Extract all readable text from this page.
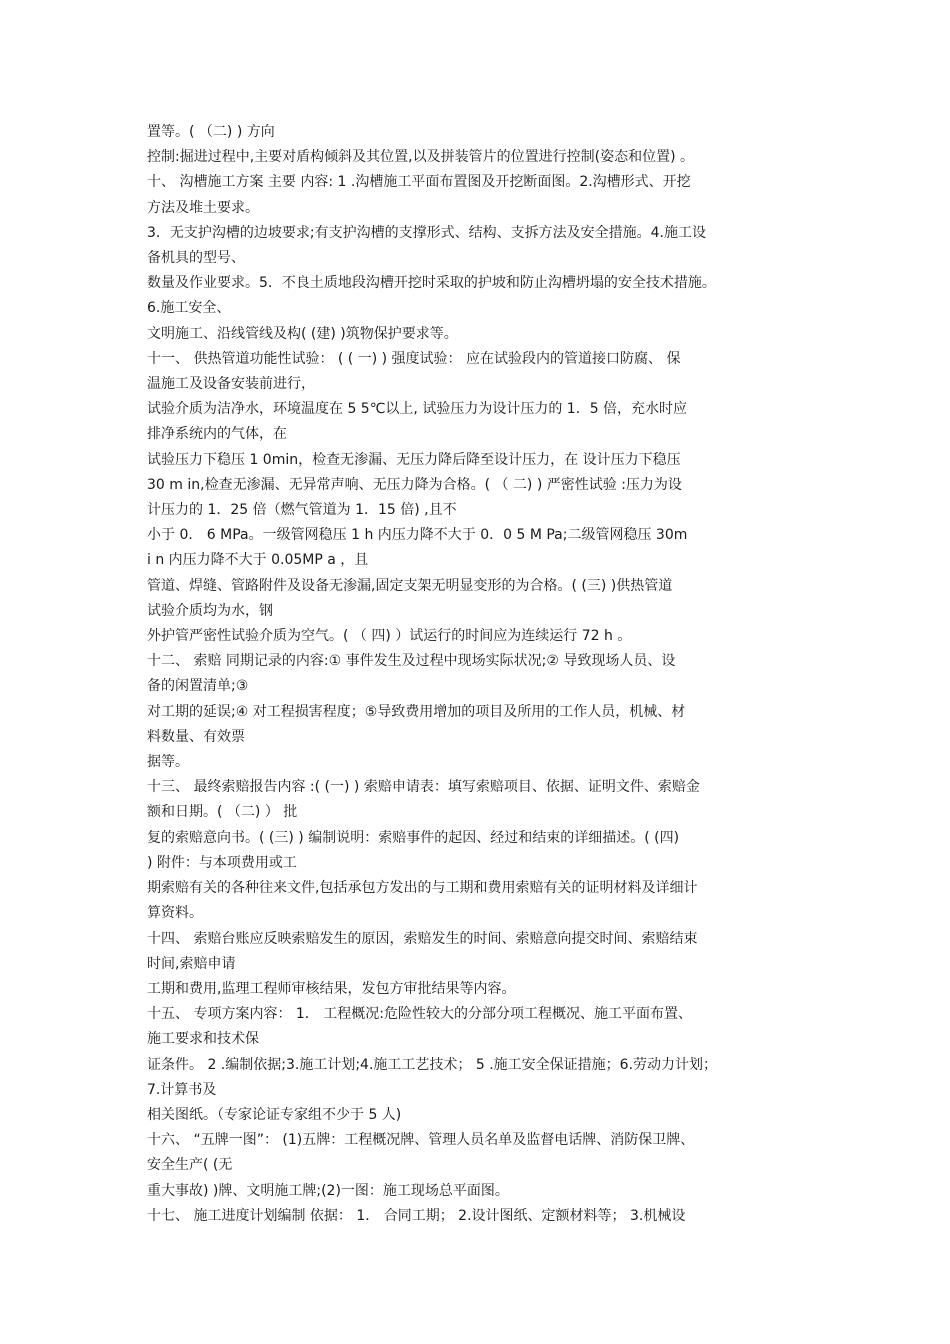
置等。( （二) ) 方向
控制:掘进过程中,主要对盾构倾斜及其位置,以及拼装管片的位置进行控制(姿态和位置) 。
十、 沟槽施工方案 主要 内容: 1 .沟槽施工平面布置图及开挖断面图。2.沟槽形式、开挖
方法及堆土要求。
3．无支护沟槽的边坡要求;有支护沟槽的支撑形式、结构、支拆方法及安全措施。4.施工设
备机具的型号、
数量及作业要求。5．不良土质地段沟槽开挖时采取的护坡和防止沟槽坍塌的安全技术措施。
6.施工安全、
文明施工、沿线管线及构( (建) )筑物保护要求等。
十一、 供热管道功能性试验： ( ( 一) ) 强度试验： 应在试验段内的管道接口防腐、 保
温施工及设备安装前进行，
试验介质为洁净水，环境温度在 5 5℃以上, 试验压力为设计压力的 1．5 倍，充水时应
排净系统内的气体，在
试验压力下稳压 1 0min，检查无渗漏、无压力降后降至设计压力，在 设计压力下稳压
30 m in,检查无渗漏、无异常声响、无压力降为合格。( （ 二) ) 严密性试验 :压力为设
计压力的 1．25 倍（燃气管道为 1．15 倍) ,且不
小于 0． 6 MPa。一级管网稳压 1 h 内压力降不大于 0．0 5 M Pa;二级管网稳压 30m
i n 内压力降不大于 0.05MP a ，且
管道、焊缝、管路附件及设备无渗漏,固定支架无明显变形的为合格。( (三) )供热管道
试验介质均为水，钢
外护管严密性试验介质为空气。( （ 四) ）试运行的时间应为连续运行 72 h 。
十二、 索赔 同期记录的内容:① 事件发生及过程中现场实际状况;② 导致现场人员、设
备的闲置清单;③
对工期的延误;④ 对工程损害程度；⑤导致费用增加的项目及所用的工作人员，机械、材
料数量、有效票
据等。
十三、 最终索赔报告内容 :( (一) ) 索赔申请表：填写索赔项目、依据、证明文件、索赔金
额和日期。( （二) ） 批
复的索赔意向书。( (三) ) 编制说明：索赔事件的起因、经过和结束的详细描述。( (四)
) 附件：与本项费用或工
期索赔有关的各种往来文件,包括承包方发出的与工期和费用索赔有关的证明材料及详细计
算资料。
十四、 索赔台账应反映索赔发生的原因，索赔发生的时间、索赔意向提交时间、索赔结束
时间,索赔申请
工期和费用,监理工程师审核结果，发包方审批结果等内容。
十五、 专项方案内容： 1． 工程概况:危险性较大的分部分项工程概况、施工平面布置、
施工要求和技术保
证条件。 2 .编制依据;3.施工计划;4.施工工艺技术； 5 .施工安全保证措施；6.劳动力计划；
7.计算书及
相关图纸。（专家论证专家组不少于 5 人)
十六、 “五牌一图”： (1)五牌：工程概况牌、管理人员名单及监督电话牌、消防保卫牌、
安全生产( (无
重大事故) )牌、文明施工牌;(2)一图：施工现场总平面图。
十七、 施工进度计划编制 依据： 1． 合同工期； 2.设计图纸、定额材料等； 3.机械设
